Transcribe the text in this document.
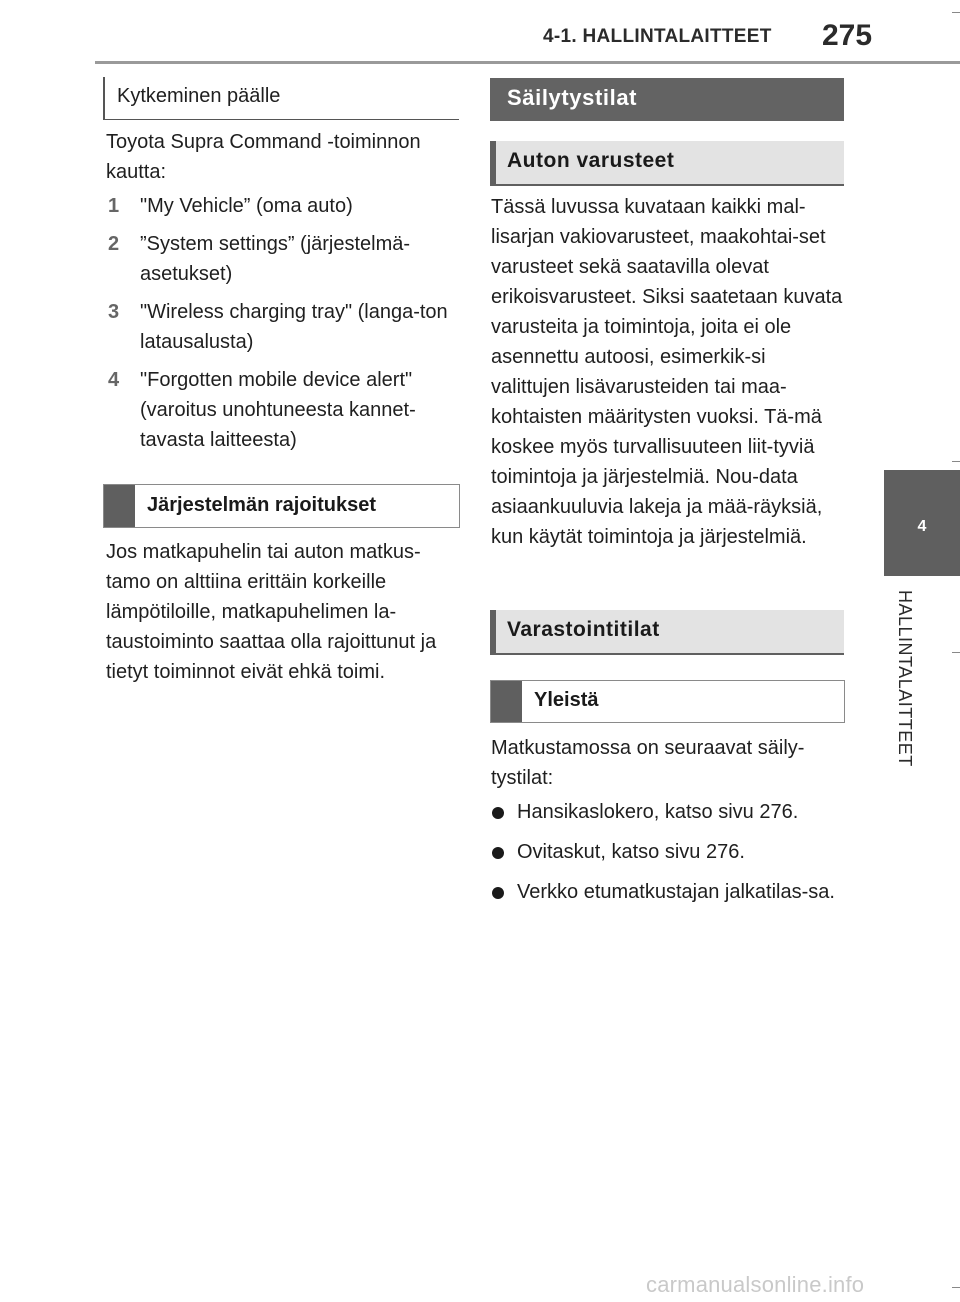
4-1. HALLINTALAITTEET 275
4
HALLINTALAITTEET
Kytkeminen päälle
Toyota Supra Command -toiminnon kautta:
1 "My Vehicle” (oma auto)
2 ”System settings” (järjestelmä-asetukset)
3 "Wireless charging tray" (langa-ton latausalusta)
4 "Forgotten mobile device alert" (varoitus unohtuneesta kannet-tavasta laitteesta)
Järjestelmän rajoitukset
Jos matkapuhelin tai auton matkus-tamo on alttiina erittäin korkeille lämpötiloille, matkapuhelimen la-taustoiminto saattaa olla rajoittunut ja tietyt toiminnot eivät ehkä toimi.
Säilytystilat
Auton varusteet
Tässä luvussa kuvataan kaikki mal-lisarjan vakiovarusteet, maakohtai-set varusteet sekä saatavilla olevat erikoisvarusteet. Siksi saatetaan kuvata varusteita ja toimintoja, joita ei ole asennettu autoosi, esimerkik-si valittujen lisävarusteiden tai maa-kohtaisten määritysten vuoksi. Tä-mä koskee myös turvallisuuteen liit-tyviä toimintoja ja järjestelmiä. Nou-data asiaankuuluvia lakeja ja mää-räyksiä, kun käytät toimintoja ja järjestelmiä.
Varastointitilat
Yleistä
Matkustamossa on seuraavat säily-tystilat:
Hansikaslokero, katso sivu 276.
Ovitaskut, katso sivu 276.
Verkko etumatkustajan jalkatilas-sa.
carmanualsonline.info
